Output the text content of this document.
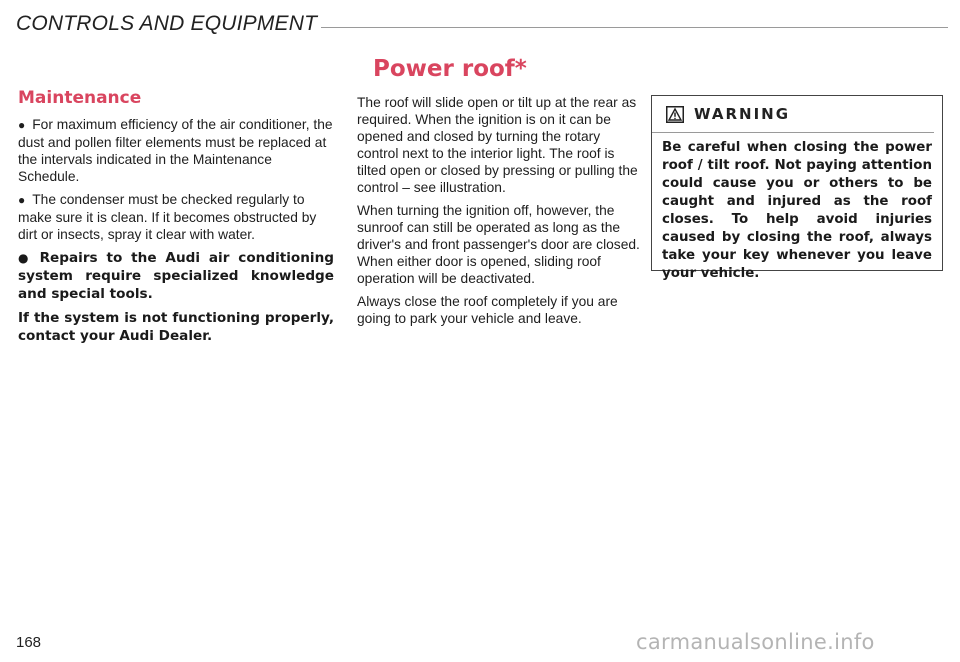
CONTROLS AND EQUIPMENT
Power roof*
Maintenance

● For maximum efficiency of the air conditioner, the dust and pollen filter elements must be replaced at the intervals indicated in the Maintenance Schedule.

● The condenser must be checked regularly to make sure it is clean. If it becomes obstructed by dirt or insects, spray it clear with water.

● Repairs to the Audi air conditioning system require specialized knowledge and special tools.

If the system is not functioning properly, contact your Audi Dealer.

The roof will slide open or tilt up at the rear as required. When the ignition is on it can be opened and closed by turning the rotary control next to the interior light. The roof is tilted open or closed by pressing or pulling the control – see illustration.

When turning the ignition off, however, the sunroof can still be operated as long as the driver's and front passenger's door are closed. When either door is opened, sliding roof operation will be deactivated.

Always close the roof completely if you are going to park your vehicle and leave.

WARNING

Be careful when closing the power roof / tilt roof. Not paying attention could cause you or others to be caught and injured as the roof closes. To help avoid injuries caused by closing the roof, always take your key whenever you leave your vehicle.

168	carmanualsonline.info
